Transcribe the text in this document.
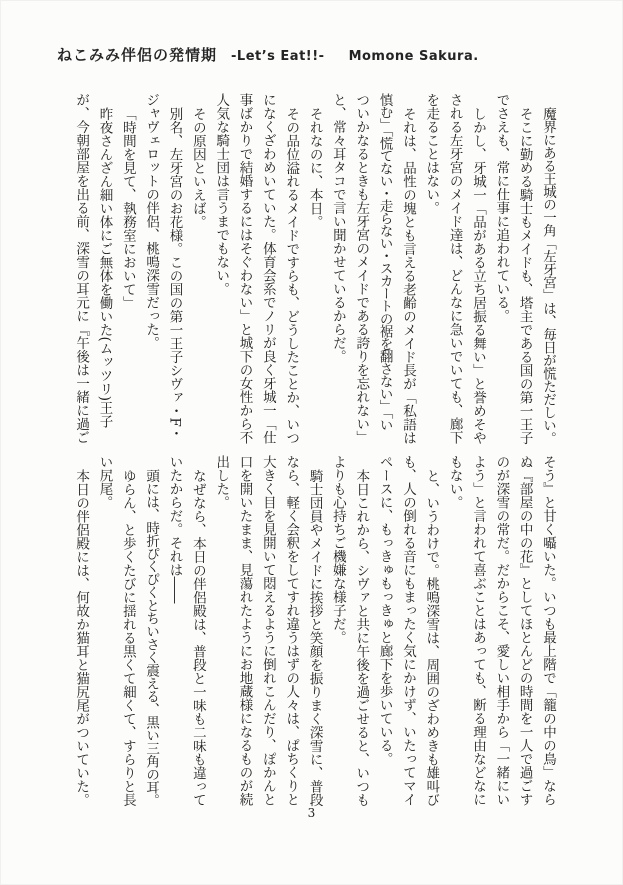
ねこみみ伴侶の発情期 -Let’s Eat!!- Momone Sakura.
魔界にある王城の一角「左牙宮」は、毎日が慌ただしい。
そこに勤める騎士もメイドも、塔主である国の第一王子
でさえも、常に仕事に追われている。
しかし、牙城一「品がある立ち居振る舞い」と誉めそや
される左牙宮のメイド達は、どんなに急いでいても、廊下
を走ることはない。
それは、品性の塊とも言える老齢のメイド長が「私語は
慎む」「慌てない・走らない・スカートの裾を翻さない」「い
ついかなるときも左牙宮のメイドである誇りを忘れない」
と、常々耳タコで言い聞かせているからだ。
それなのに、本日。
その品位溢れるメイドですらも、どうしたことか、いつ
になくざわめいていた。体育会系でノリが良く牙城一「仕
事ばかりで結婚するにはそぐわない」と城下の女性から不
人気な騎士団は言うまでもない。
その原因といえば。
別名、左牙宮のお花様。この国の第一王子シヴァ・F・
ジャヴェロットの伴侶、桃鳴深雪だった。
「時間を見て、執務室において」
昨夜さんざん細い体にご無体を働いた(ムッツリ)王子
が、今朝部屋を出る前、深雪の耳元に『午後は一緒に過ご
そう』と甘く囁いた。いつも最上階で「籠の中の鳥」なら
ぬ『部屋の中の花』としてほとんどの時間を一人で過ごす
のが深雪の常だ。だからこそ、愛しい相手から「一緒にい
よう」と言われて喜ぶことはあっても、断る理由などなに
もない。
と、いうわけで。桃鳴深雪は、周囲のざわめきも雄叫び
も、人の倒れる音にもまったく気にかけず、いたってマイ
ペースに、もっきゅもっきゅと廊下を歩いている。
本日これから、シヴァと共に午後を過ごせると、いつも
よりも心持ちご機嫌な様子だ。
騎士団員やメイドに挨拶と笑顔を振りまく深雪に、普段
なら、軽く会釈をしてすれ違うはずの人々は、ぱちくりと
大きく目を見開いて悶えるように倒れこんだり、ぽかんと
口を開いたまま、見蕩れたようにお地蔵様になるものが続
出した。
なぜなら、本日の伴侶殿は、普段と一味も二味も違って
いたからだ。それは――
頭には、時折ぴくぴくとちいさく震える、黒い三角の耳。
ゆらん、と歩くたびに揺れる黒くて細くて、すらりと長
い尻尾。
本日の伴侶殿には、何故か猫耳と猫尻尾がついていた。
3
